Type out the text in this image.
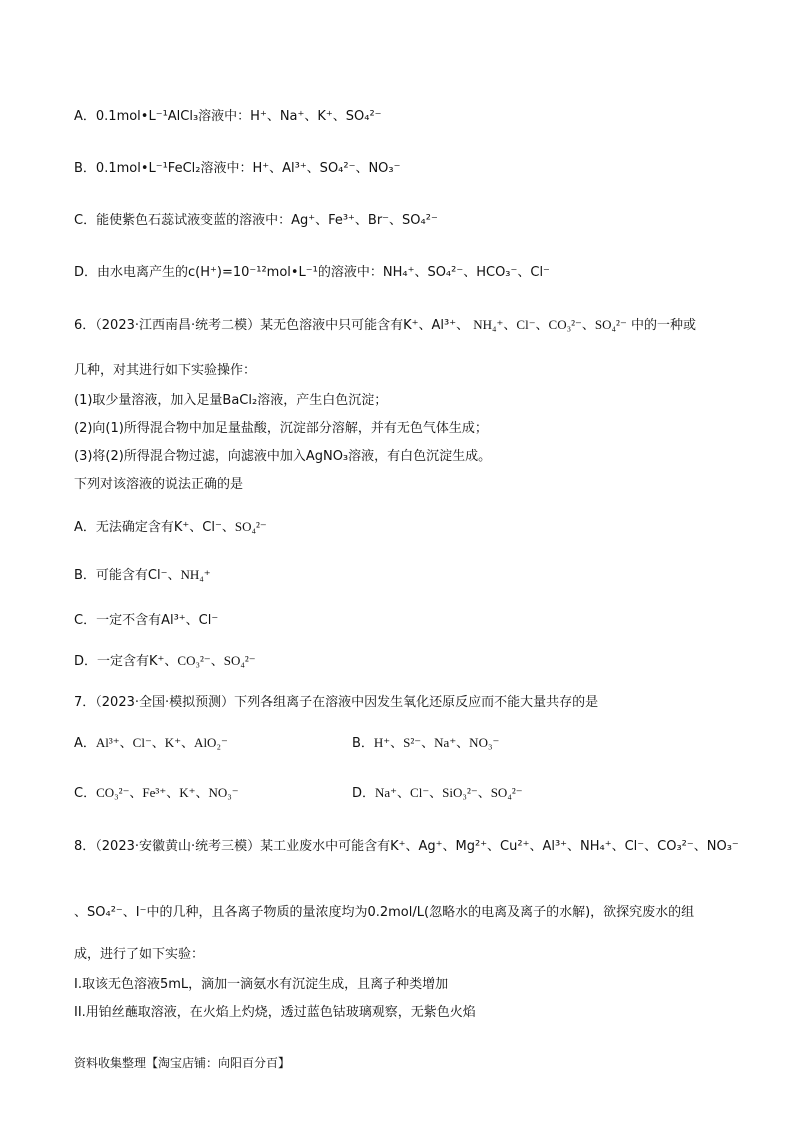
A．0.1mol•L⁻¹AlCl₃溶液中：H⁺、Na⁺、K⁺、SO₄²⁻
B．0.1mol•L⁻¹FeCl₂溶液中：H⁺、Al³⁺、SO₄²⁻、NO₃⁻
C．能使紫色石蕊试液变蓝的溶液中：Ag⁺、Fe³⁺、Br⁻、SO₄²⁻
D．由水电离产生的c(H⁺)=10⁻¹²mol•L⁻¹的溶液中：NH₄⁺、SO₄²⁻、HCO₃⁻、Cl⁻
6．（2023·江西南昌·统考二模）某无色溶液中只可能含有K⁺、Al³⁺、 NH₄⁺、Cl⁻、CO₃²⁻、SO₄²⁻ 中的一种或
几种，对其进行如下实验操作：
(1)取少量溶液，加入足量BaCl₂溶液，产生白色沉淀；
(2)向(1)所得混合物中加足量盐酸，沉淀部分溶解，并有无色气体生成；
(3)将(2)所得混合物过滤，向滤液中加入AgNO₃溶液，有白色沉淀生成。
下列对该溶液的说法正确的是
A．无法确定含有K⁺、Cl⁻、SO₄²⁻
B．可能含有Cl⁻、NH₄⁺
C．一定不含有Al³⁺、Cl⁻
D．一定含有K⁺、CO₃²⁻、SO₄²⁻
7．（2023·全国·模拟预测）下列各组离子在溶液中因发生氧化还原反应而不能大量共存的是
A．Al³⁺、Cl⁻、K⁺、AlO₂⁻	B．H⁺、S²⁻、Na⁺、NO₃⁻
C．CO₃²⁻、Fe³⁺、K⁺、NO₃⁻	D．Na⁺、Cl⁻、SiO₃²⁻、SO₄²⁻
8．（2023·安徽黄山·统考三模）某工业废水中可能含有K⁺、Ag⁺、Mg²⁺、Cu²⁺、Al³⁺、NH₄⁺、Cl⁻、CO₃²⁻、NO₃⁻
、SO₄²⁻、I⁻中的几种，且各离子物质的量浓度均为0.2mol/L(忽略水的电离及离子的水解)，欲探究废水的组
成，进行了如下实验：
I.取该无色溶液5mL，滴加一滴氨水有沉淀生成，且离子种类增加
II.用铂丝蘸取溶液，在火焰上灼烧，透过蓝色钴玻璃观察，无紫色火焰
资料收集整理【淘宝店铺：向阳百分百】
